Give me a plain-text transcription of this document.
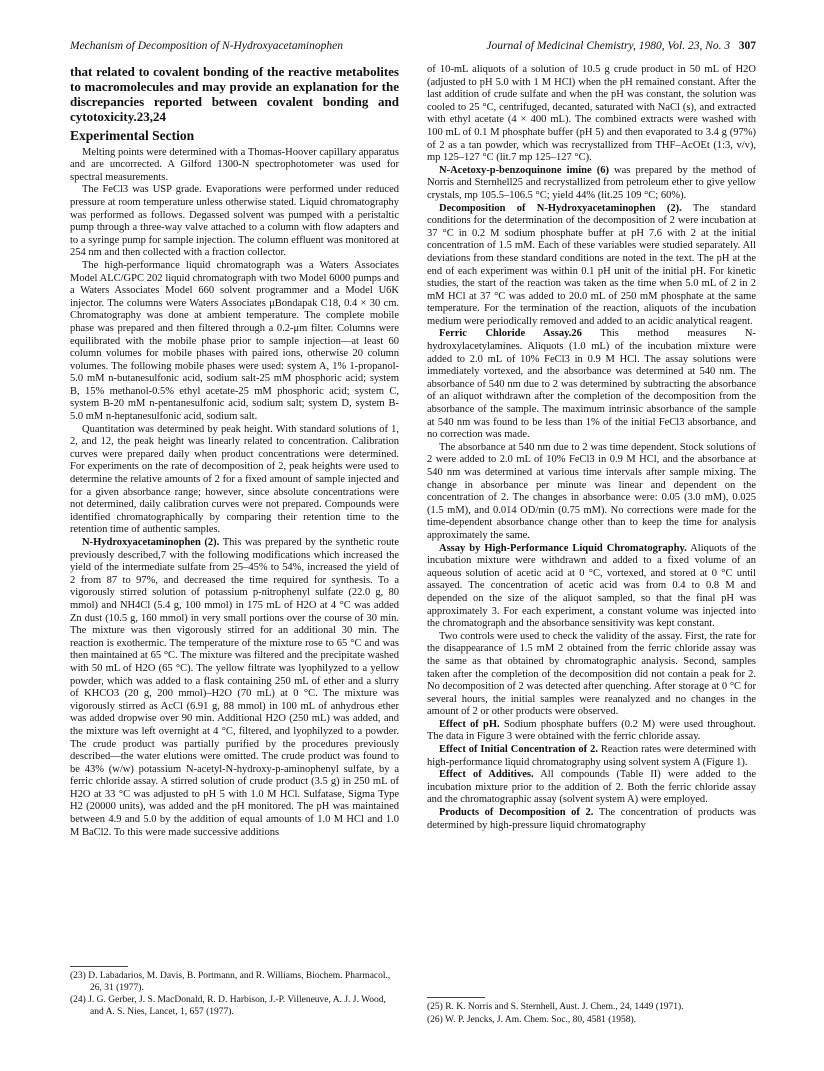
Mechanism of Decomposition of N-Hydroxyacetaminophen	Journal of Medicinal Chemistry, 1980, Vol. 23, No. 3 307

that related to covalent bonding of the reactive metabolites to macromolecules and may provide an explanation for the discrepancies reported between covalent bonding and cytotoxicity.23,24

Experimental Section

Melting points were determined with a Thomas-Hoover capillary apparatus and are uncorrected. A Gilford 1300-N spectrophotometer was used for spectral measurements.

The FeCl3 was USP grade. Evaporations were performed under reduced pressure at room temperature unless otherwise stated. Liquid chromatography was performed as follows. Degassed solvent was pumped with a peristaltic pump through a three-way valve attached to a column with flow adapters and to a syringe pump for sample injection. The column effluent was monitored at 254 nm and then collected with a fraction collector.

The high-performance liquid chromatograph was a Waters Associates Model ALC/GPC 202 liquid chromatograph with two Model 6000 pumps and a Waters Associates Model 660 solvent programmer and a Model U6K injector. The columns were Waters Associates μBondapak C18, 0.4 × 30 cm. Chromatography was done at ambient temperature. The complete mobile phase was prepared and then filtered through a 0.2-μm filter. Columns were equilibrated with the mobile phase prior to sample injection—at least 60 column volumes for mobile phases with paired ions, otherwise 20 column volumes. The following mobile phases were used: system A, 1% 1-propanol-5.0 mM n-butanesulfonic acid, sodium salt-25 mM phosphoric acid; system B, 15% methanol-0.5% ethyl acetate-25 mM phosphoric acid; system C, system B-20 mM n-pentanesulfonic acid, sodium salt; system D, system B-5.0 mM n-heptanesulfonic acid, sodium salt.

Quantitation was determined by peak height. With standard solutions of 1, 2, and 12, the peak height was linearly related to concentration. Calibration curves were prepared daily when product concentrations were determined. For experiments on the rate of decomposition of 2, peak heights were used to determine the relative amounts of 2 for a fixed amount of sample injected and for a given absorbance range; however, since absolute concentrations were not determined, daily calibration curves were not prepared. Compounds were identified chromatographically by comparing their retention time to the retention time of authentic samples.

N-Hydroxyacetaminophen (2). This was prepared by the synthetic route previously described,7 with the following modifications which increased the yield of the intermediate sulfate from 25–45% to 54%, increased the yield of 2 from 87 to 97%, and decreased the time required for synthesis. To a vigorously stirred solution of potassium p-nitrophenyl sulfate (22.0 g, 80 mmol) and NH4Cl (5.4 g, 100 mmol) in 175 mL of H2O at 4 °C was added Zn dust (10.5 g, 160 mmol) in very small portions over the course of 30 min. The mixture was then vigorously stirred for an additional 30 min. The reaction is exothermic. The temperature of the mixture rose to 65 °C and was then maintained at 65 °C. The mixture was filtered and the precipitate washed with 50 mL of H2O (65 °C). The yellow filtrate was lyophilyzed to a yellow powder, which was added to a flask containing 250 mL of ether and a slurry of KHCO3 (20 g, 200 mmol)–H2O (70 mL) at 0 °C. The mixture was vigorously stirred as AcCl (6.91 g, 88 mmol) in 100 mL of anhydrous ether was added dropwise over 90 min. Additional H2O (250 mL) was added, and the mixture was left overnight at 4 °C, filtered, and lyophilyzed to a powder. The crude product was partially purified by the procedures previously described—the water elutions were omitted. The crude product was found to be 43% (w/w) potassium N-acetyl-N-hydroxy-p-aminophenyl sulfate, by a ferric chloride assay. A stirred solution of crude product (3.5 g) in 250 mL of H2O at 33 °C was adjusted to pH 5 with 1.0 M HCl. Sulfatase, Sigma Type H2 (20000 units), was added and the pH monitored. The pH was maintained between 4.9 and 5.0 by the addition of equal amounts of 1.0 M HCl and 1.0 M BaCl2. To this were made successive additions

of 10-mL aliquots of a solution of 10.5 g crude product in 50 mL of H2O (adjusted to pH 5.0 with 1 M HCl) when the pH remained constant. After the last addition of crude sulfate and when the pH was constant, the solution was cooled to 25 °C, centrifuged, decanted, saturated with NaCl (s), and extracted with ethyl acetate (4 × 400 mL). The combined extracts were washed with 100 mL of 0.1 M phosphate buffer (pH 5) and then evaporated to 3.4 g (97%) of 2 as a tan powder, which was recrystallized from THF–AcOEt (1:3, v/v), mp 125–127 °C (lit.7 mp 125–127 °C).

N-Acetoxy-p-benzoquinone imine (6) was prepared by the method of Norris and Sternhell25 and recrystallized from petroleum ether to give yellow crystals, mp 105.5–106.5 °C; yield 44% (lit.25 109 °C; 60%).

Decomposition of N-Hydroxyacetaminophen (2). The standard conditions for the determination of the decomposition of 2 were incubation at 37 °C in 0.2 M sodium phosphate buffer at pH 7.6 with 2 at the initial concentration of 1.5 mM. Each of these variables were studied separately. All deviations from these standard conditions are noted in the text. The pH at the end of each experiment was within 0.1 pH unit of the initial pH. For kinetic studies, the start of the reaction was taken as the time when 5.0 mL of 2 in 2 mM HCl at 37 °C was added to 20.0 mL of 250 mM phosphate at the same temperature. For the termination of the reaction, aliquots of the incubation medium were periodically removed and added to an acidic analytical reagent.

Ferric Chloride Assay.26 This method measures N-hydroxylacetylamines. Aliquots (1.0 mL) of the incubation mixture were added to 2.0 mL of 10% FeCl3 in 0.9 M HCl. The assay solutions were immediately vortexed, and the absorbance was determined at 540 nm. The absorbance of 540 nm due to 2 was determined by subtracting the absorbance of an aliquot withdrawn after the completion of the decomposition from the absorbance of the sample. The maximum intrinsic absorbance of the sample at 540 nm was found to be less than 1% of the initial FeCl3 absorbance, and no correction was made.

The absorbance at 540 nm due to 2 was time dependent. Stock solutions of 2 were added to 2.0 mL of 10% FeCl3 in 0.9 M HCl, and the absorbance at 540 nm was determined at various time intervals after sample mixing. The change in absorbance per minute was linear and dependent on the concentration of 2. The changes in absorbance were: 0.05 (3.0 mM), 0.025 (1.5 mM), and 0.014 OD/min (0.75 mM). No corrections were made for the time-dependent absorbance change other than to keep the time for analysis approximately the same.

Assay by High-Performance Liquid Chromatography. Aliquots of the incubation mixture were withdrawn and added to a fixed volume of an aqueous solution of acetic acid at 0 °C, vortexed, and stored at 0 °C until assayed. The concentration of acetic acid was from 0.4 to 0.8 M and depended on the size of the aliquot sampled, so that the final pH was approximately 3. For each experiment, a constant volume was injected into the chromatograph and the absorbance sensitivity was kept constant.

Two controls were used to check the validity of the assay. First, the rate for the disappearance of 1.5 mM 2 obtained from the ferric chloride assay was the same as that obtained by chromatographic analysis. Second, samples taken after the completion of the decomposition did not contain a peak for 2. No decomposition of 2 was detected after quenching. After storage at 0 °C for several hours, the initial samples were reanalyzed and no changes in the amount of 2 or other products were observed.

Effect of pH. Sodium phosphate buffers (0.2 M) were used throughout. The data in Figure 3 were obtained with the ferric chloride assay.

Effect of Initial Concentration of 2. Reaction rates were determined with high-performance liquid chromatography using solvent system A (Figure 1).

Effect of Additives. All compounds (Table II) were added to the incubation mixture prior to the addition of 2. Both the ferric chloride assay and the chromatographic assay (solvent system A) were employed.

Products of Decomposition of 2. The concentration of products was determined by high-pressure liquid chromatography

(23) D. Labadarios, M. Davis, B. Portmann, and R. Williams, Biochem. Pharmacol., 26, 31 (1977).
(24) J. G. Gerber, J. S. MacDonald, R. D. Harbison, J.-P. Villeneuve, A. J. J. Wood, and A. S. Nies, Lancet, 1, 657 (1977).	(25) R. K. Norris and S. Sternhell, Aust. J. Chem., 24, 1449 (1971).
(26) W. P. Jencks, J. Am. Chem. Soc., 80, 4581 (1958).
